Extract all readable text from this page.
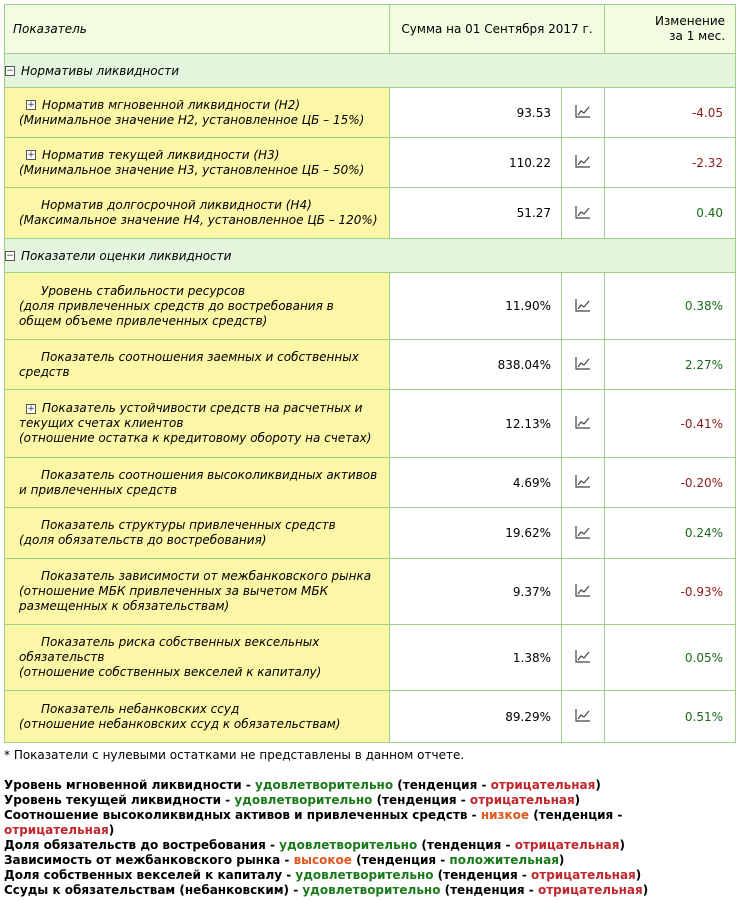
Показатель	Сумма на 01 Сентября 2017 г.		Изменение
за 1 мес.
− Нормативы ликвидности			

+ Норматив мгновенной ликвидности (Н2)
(Минимальное значение Н2, установленное ЦБ – 15%)	93.53		-4.05

+ Норматив текущей ликвидности (Н3)
(Минимальное значение Н3, установленное ЦБ – 50%)	110.22		-2.32

Норматив долгосрочной ликвидности (Н4)
(Максимальное значение Н4, установленное ЦБ – 120%)	51.27		0.40
− Показатели оценки ликвидности			

Уровень стабильности ресурсов
(доля привлеченных средств до востребования в общем объеме привлеченных средств)	11.90%		0.38%

Показатель соотношения заемных и собственных
средств	838.04%		2.27%

+ Показатель устойчивости средств на расчетных и
текущих счетах клиентов
(отношение остатка к кредитовому обороту на счетах)	12.13%		-0.41%

Показатель соотношения высоколиквидных активов
и привлеченных средств	4.69%		-0.20%

Показатель структуры привлеченных средств
(доля обязательств до востребования)	19.62%		0.24%

Показатель зависимости от межбанковского рынка
(отношение МБК привлеченных за вычетом МБК размещенных к обязательствам)	9.37%		-0.93%

Показатель риска собственных вексельных
обязательств
(отношение собственных векселей к капиталу)	1.38%		0.05%

Показатель небанковских ссуд
(отношение небанковских ссуд к обязательствам)	89.29%		0.51%
* Показатели с нулевыми остатками не представлены в данном отчете.
Уровень мгновенной ликвидности - удовлетворительно (тенденция - отрицательная)
Уровень текущей ликвидности - удовлетворительно (тенденция - отрицательная)
Соотношение высоколиквидных активов и привлеченных средств - низкое (тенденция - отрицательная)
Доля обязательств до востребования - удовлетворительно (тенденция - отрицательная)
Зависимость от межбанковского рынка - высокое (тенденция - положительная)
Доля собственных векселей к капиталу - удовлетворительно (тенденция - отрицательная)
Ссуды к обязательствам (небанковским) - удовлетворительно (тенденция - отрицательная)
